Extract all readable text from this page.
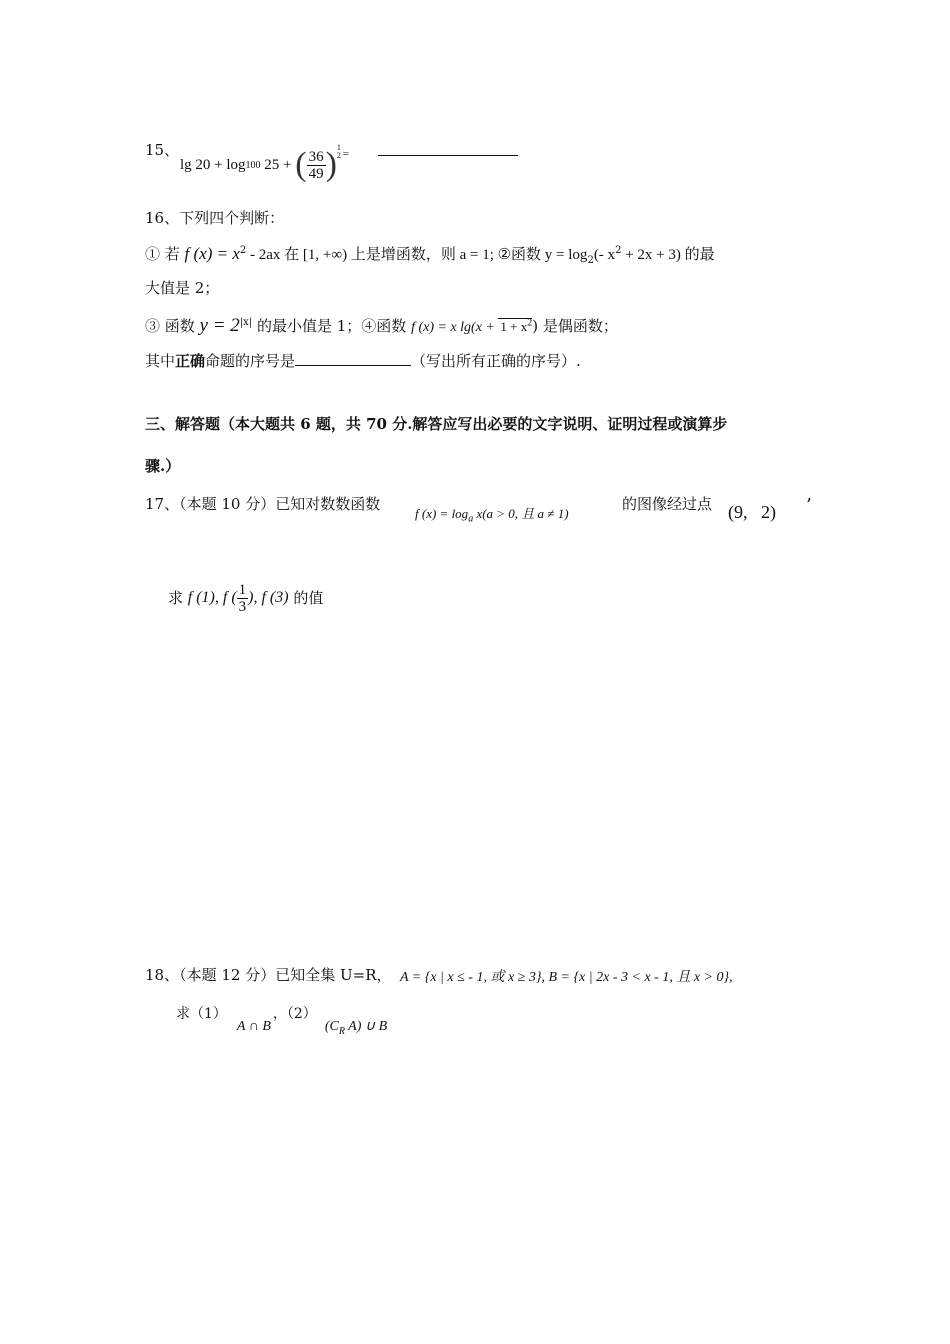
15、
lg 20 + log 100 25 + ( $\frac{36}{49}$ ) 1
2 =
16、下列四个判断：
① 若 f $(x) = x^2 - 2ax$ 在 [1, +∞) 上是增函数，则 a = 1; ②函数 $y = \log_2(-$ $x^2 + 2x + 3$) 的最
大值是 2；
③ 函数 $y = 2^{|x|}$ 的最小值是 1；④函数 f (x) = x $\lg(x + 1 + x^2)$ 是偶函数；
其中正确命题的序号是	（写出所有正确的序号）.
三、解答题（本大题共 6 题，共 70 分.解答应写出必要的文字说明、证明过程或演算步
骤.）
17、（本题 10 分）已知对数数函数
f $(x) = \log_a x(a > 0$, 且 a ≠ 1)
的图像经过点 (9,   2) ’
求 f (1), f ( $\frac{1}{3}$ ), f (3) 的值
18、（本题 12 分）已知全集 U=R， A = {x | x ≤ - 1, 或 x ≥ 3}, B = {x | 2x - 3 < x - 1, 且 x > 0},
求（1）
A ∩ B
，（2）
($C_R$ A) ∪ B
